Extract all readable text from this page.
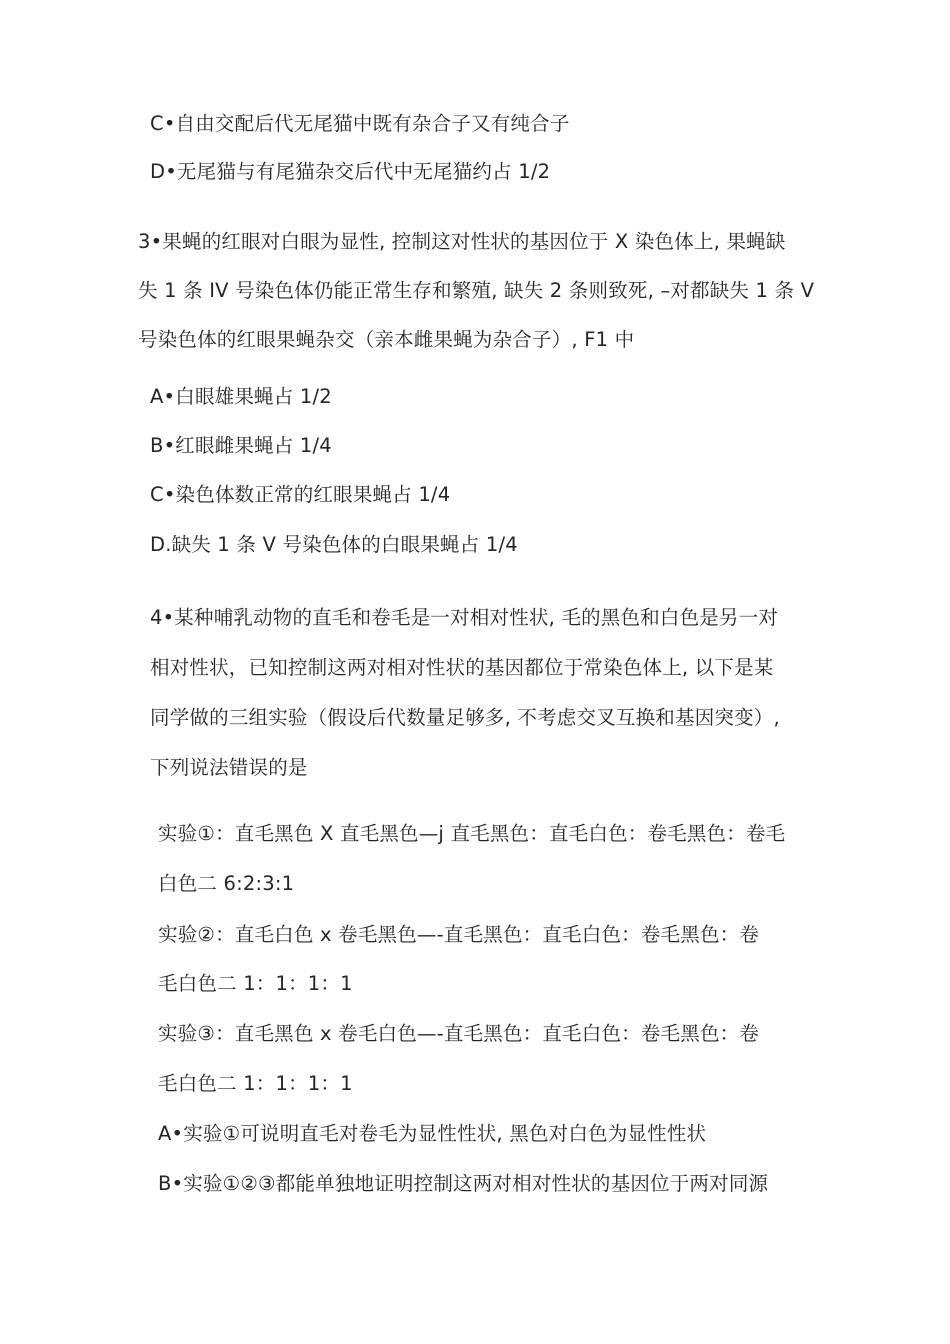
C•自由交配后代无尾猫中既有杂合子又有纯合子
D•无尾猫与有尾猫杂交后代中无尾猫约占 1/2
3•果蝇的红眼对白眼为显性, 控制这对性状的基因位于 X 染色体上, 果蝇缺
失 1 条 IV 号染色体仍能正常生存和繁殖, 缺失 2 条则致死, –对都缺失 1 条 V
号染色体的红眼果蝇杂交（亲本雌果蝇为杂合子）, F1 中
A•白眼雄果蝇占 1/2
B•红眼雌果蝇占 1/4
C•染色体数正常的红眼果蝇占 1/4
D.缺失 1 条 V 号染色体的白眼果蝇占 1/4
4•某种哺乳动物的直毛和卷毛是一对相对性状, 毛的黑色和白色是另一对
相对性状，已知控制这两对相对性状的基因都位于常染色体上, 以下是某
同学做的三组实验（假设后代数量足够多, 不考虑交叉互换和基因突变）,
下列说法错误的是
实验①：直毛黑色 X 直毛黑色—j 直毛黑色：直毛白色：卷毛黑色：卷毛
白色二 6:2:3:1
实验②：直毛白色 x 卷毛黑色—-直毛黑色：直毛白色：卷毛黑色：卷
毛白色二 1：1：1：1
实验③：直毛黑色 x 卷毛白色—-直毛黑色：直毛白色：卷毛黑色：卷
毛白色二 1：1：1：1
A•实验①可说明直毛对卷毛为显性性状, 黑色对白色为显性性状
B•实验①②③都能单独地证明控制这两对相对性状的基因位于两对同源
